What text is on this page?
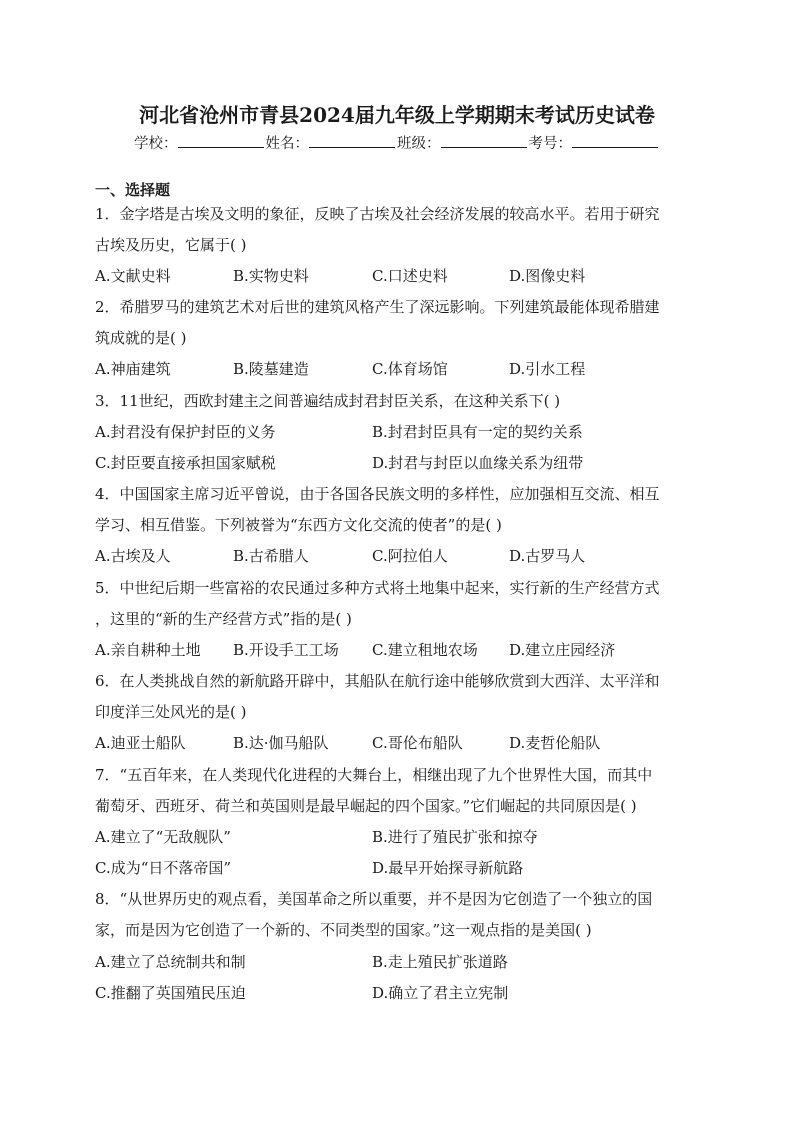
河北省沧州市青县2024届九年级上学期期末考试历史试卷
学校：	姓名：	班级：	考号：
一、选择题
1．金字塔是古埃及文明的象征，反映了古埃及社会经济发展的较高水平。若用于研究
古埃及历史，它属于( )
A.文献史料	B.实物史料	C.口述史料	D.图像史料
2．希腊罗马的建筑艺术对后世的建筑风格产生了深远影响。下列建筑最能体现希腊建
筑成就的是( )
A.神庙建筑	B.陵墓建造	C.体育场馆	D.引水工程
3．11世纪，西欧封建主之间普遍结成封君封臣关系，在这种关系下( )
A.封君没有保护封臣的义务	B.封君封臣具有一定的契约关系
C.封臣要直接承担国家赋税	D.封君与封臣以血缘关系为纽带
4．中国国家主席习近平曾说，由于各国各民族文明的多样性，应加强相互交流、相互
学习、相互借鉴。下列被誉为“东西方文化交流的使者”的是( )
A.古埃及人	B.古希腊人	C.阿拉伯人	D.古罗马人
5．中世纪后期一些富裕的农民通过多种方式将土地集中起来，实行新的生产经营方式
，这里的“新的生产经营方式”指的是( )
A.亲自耕种土地 B.开设手工工场 C.建立租地农场 D.建立庄园经济
6．在人类挑战自然的新航路开辟中，其船队在航行途中能够欣赏到大西洋、太平洋和
印度洋三处风光的是( )
A.迪亚士船队	B.达·伽马船队	C.哥伦布船队	D.麦哲伦船队
7．“五百年来，在人类现代化进程的大舞台上，相继出现了九个世界性大国，而其中
葡萄牙、西班牙、荷兰和英国则是最早崛起的四个国家。”它们崛起的共同原因是( )
A.建立了“无敌舰队”	B.进行了殖民扩张和掠夺
C.成为“日不落帝国”	D.最早开始探寻新航路
8．“从世界历史的观点看，美国革命之所以重要，并不是因为它创造了一个独立的国
家，而是因为它创造了一个新的、不同类型的国家。”这一观点指的是美国( )
A.建立了总统制共和制	B.走上殖民扩张道路
C.推翻了英国殖民压迫	D.确立了君主立宪制
